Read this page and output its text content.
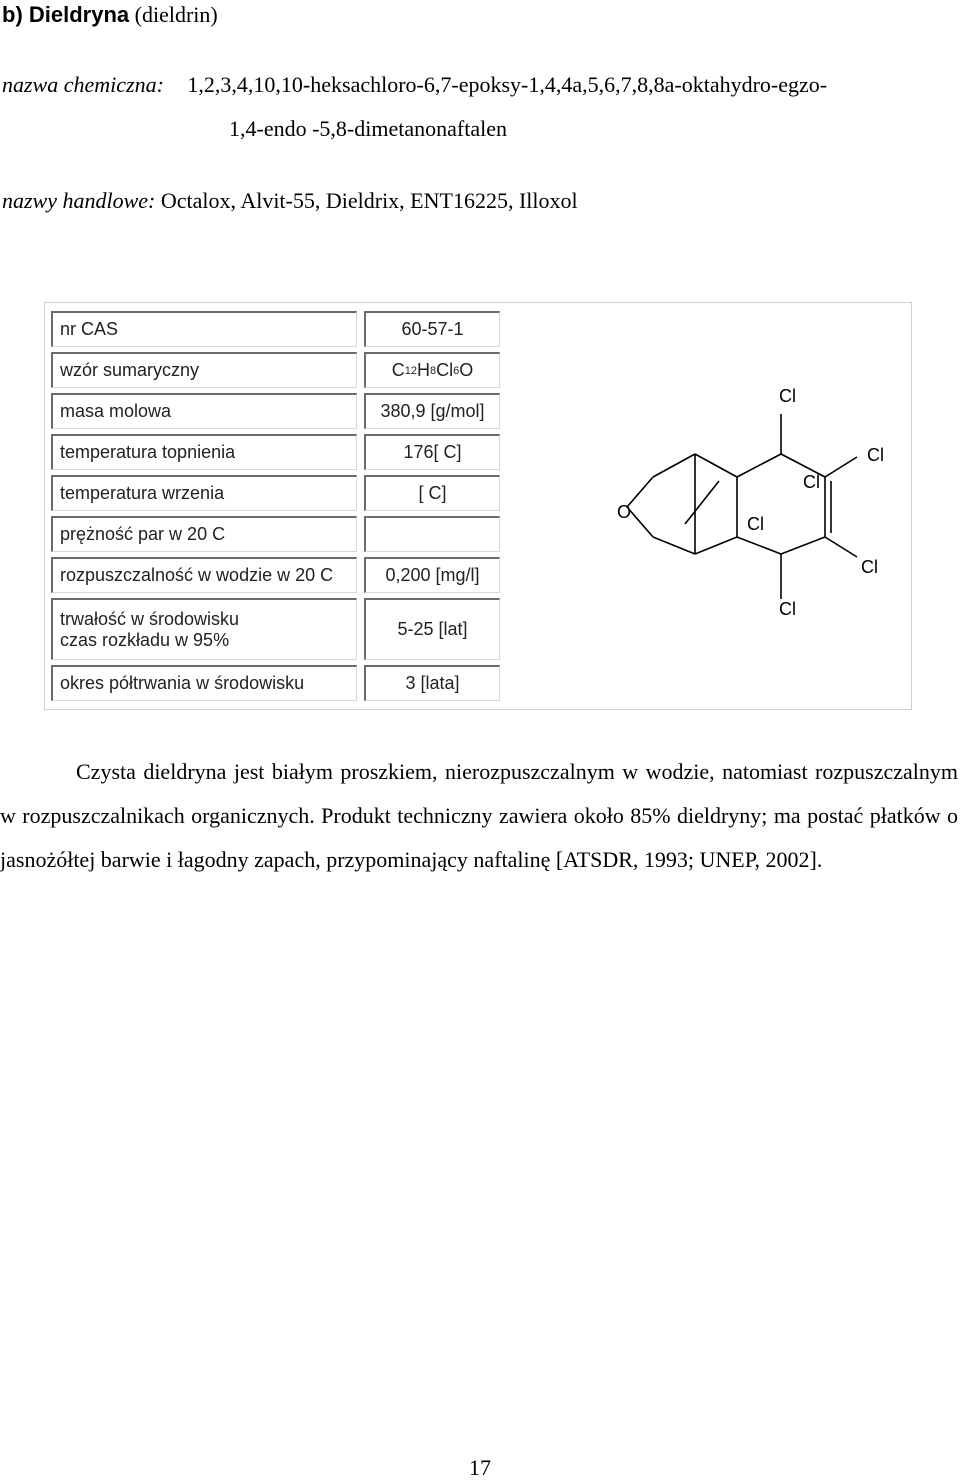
b) Dieldryna (dieldrin)
nazwa chemiczna: 1,2,3,4,10,10-heksachloro-6,7-epoksy-1,4,4a,5,6,7,8,8a-oktahydro-egzo-
1,4-endo -5,8-dimetanonaftalen
nazwy handlowe: Octalox, Alvit-55, Dieldrix, ENT16225, Illoxol
nr CAS
wzór sumaryczny
masa molowa
temperatura topnienia
temperatura wrzenia
prężność par w 20 C
rozpuszczalność w wodzie w 20 C
trwałość w środowisku
czas rozkładu w 95%
okres półtrwania w środowisku
60-57-1
C 12 H 8 Cl 6 O
380,9 [g/mol]
176[ C]
[ C]
0,200 [mg/l]
5-25 [lat]
3 [lata]
O
Cl
Cl
Cl
Cl
Cl
Cl

Czysta dieldryna jest białym proszkiem, nierozpuszczalnym w wodzie, natomiast rozpuszczalnym w rozpuszczalnikach organicznych. Produkt techniczny zawiera około 85% dieldryny; ma postać płatków o jasnożółtej barwie i łagodny zapach, przypominający naftalinę [ATSDR, 1993; UNEP, 2002].

17
